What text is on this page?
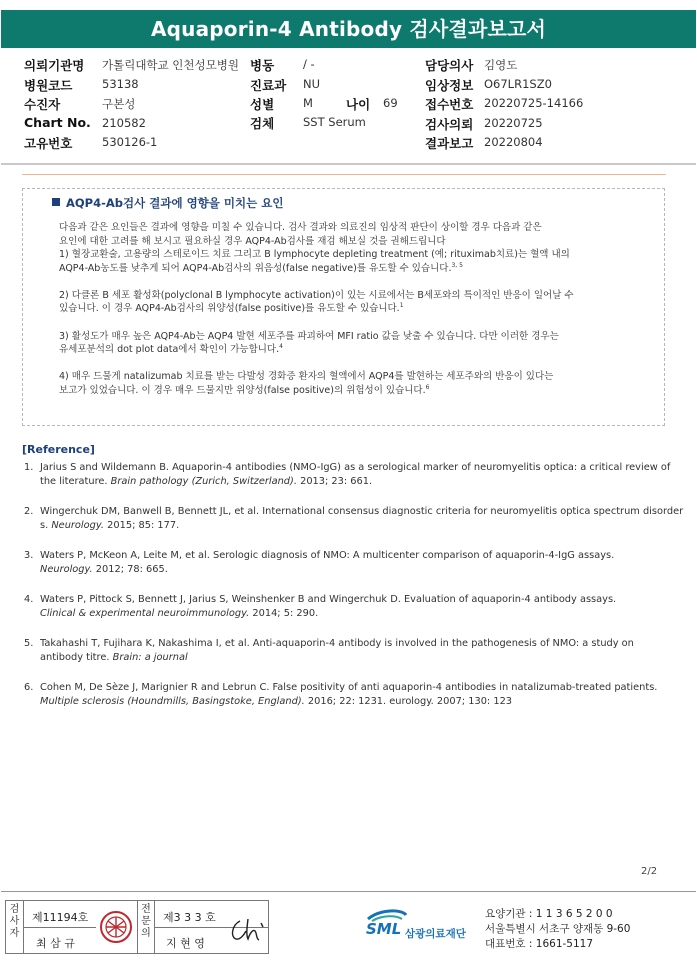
Aquaporin-4 Antibody 검사결과보고서
의뢰기관명 가톨릭대학교 인천성모병원 병동	/ -	담당의사 김영도
병원코드	53138	진료과 NU	임상정보 O67LR1SZ0
수진자	구본성	성별	M	나이 69 접수번호 20220725-14166
Chart No. 210582	검체	SST Serum	검사의뢰 20220725
고유번호	530126-1	결과보고 20220804
AQP4-Ab검사 결과에 영향을 미치는 요인

다음과 같은 요인들은 결과에 영향을 미칠 수 있습니다. 검사 결과와 의료진의 임상적 판단이 상이할 경우 다음과 같은
요인에 대한 고려를 해 보시고 필요하실 경우 AQP4-Ab검사를 재검 해보실 것을 권해드립니다
1) 혈장교환술, 고용량의 스테로이드 치료 그리고 B lymphocyte depleting treatment (예; rituximab치료)는 혈액 내의
AQP4-Ab농도를 낮추게 되어 AQP4-Ab검사의 위음성(false negative)를 유도할 수 있습니다.$^{3, 5}$

2) 다클론 B 세포 활성화(polyclonal B lymphocyte activation)이 있는 시료에서는 B세포와의 특이적인 반응이 일어날 수
있습니다. 이 경우 AQP4-Ab검사의 위양성(false positive)를 유도할 수 있습니다.$^1$

3) 활성도가 매우 높은 AQP4-Ab는 AQP4 발현 세포주를 파괴하여 MFI ratio 값을 낮출 수 있습니다. 다만 이러한 경우는
유세포분석의 dot plot data에서 확인이 가능합니다.$^4$

4) 매우 드물게 natalizumab 치료를 받는 다발성 경화증 환자의 혈액에서 AQP4를 발현하는 세포주와의 반응이 있다는
보고가 있었습니다. 이 경우 매우 드물지만 위양성(false positive)의 위험성이 있습니다.$^6$

[Reference]
1. Jarius S and Wildemann B. Aquaporin-4 antibodies (NMO-IgG) as a serological marker of neuromyelitis optica: a critical review of
the literature. Brain pathology (Zurich, Switzerland). 2013; 23: 661.
2. Wingerchuk DM, Banwell B, Bennett JL, et al. International consensus diagnostic criteria for neuromyelitis optica spectrum disorder
s. Neurology. 2015; 85: 177.
3. Waters P, McKeon A, Leite M, et al. Serologic diagnosis of NMO: A multicenter comparison of aquaporin-4-IgG assays.
Neurology. 2012; 78: 665.
4. Waters P, Pittock S, Bennett J, Jarius S, Weinshenker B and Wingerchuk D. Evaluation of aquaporin-4 antibody assays.
Clinical & experimental neuroimmunology. 2014; 5: 290.
5. Takahashi T, Fujihara K, Nakashima I, et al. Anti-aquaporin-4 antibody is involved in the pathogenesis of NMO: a study on
antibody titre. Brain: a journal
6. Cohen M, De Sèze J, Marignier R and Lebrun C. False positivity of anti aquaporin-4 antibodies in natalizumab-treated patients.
Multiple sclerosis (Houndmills, Basingstoke, England). 2016; 22: 1231. eurology. 2007; 130: 123
2/2
검사자
제11194호
최 삼 규
전문의
제3 3 3 호
지 현 영
SML 삼광의료재단
요양기관 : 1 1 3 6 5 2 0 0
서울특별시 서초구 양재동 9-60
대표번호 : 1661-5117
